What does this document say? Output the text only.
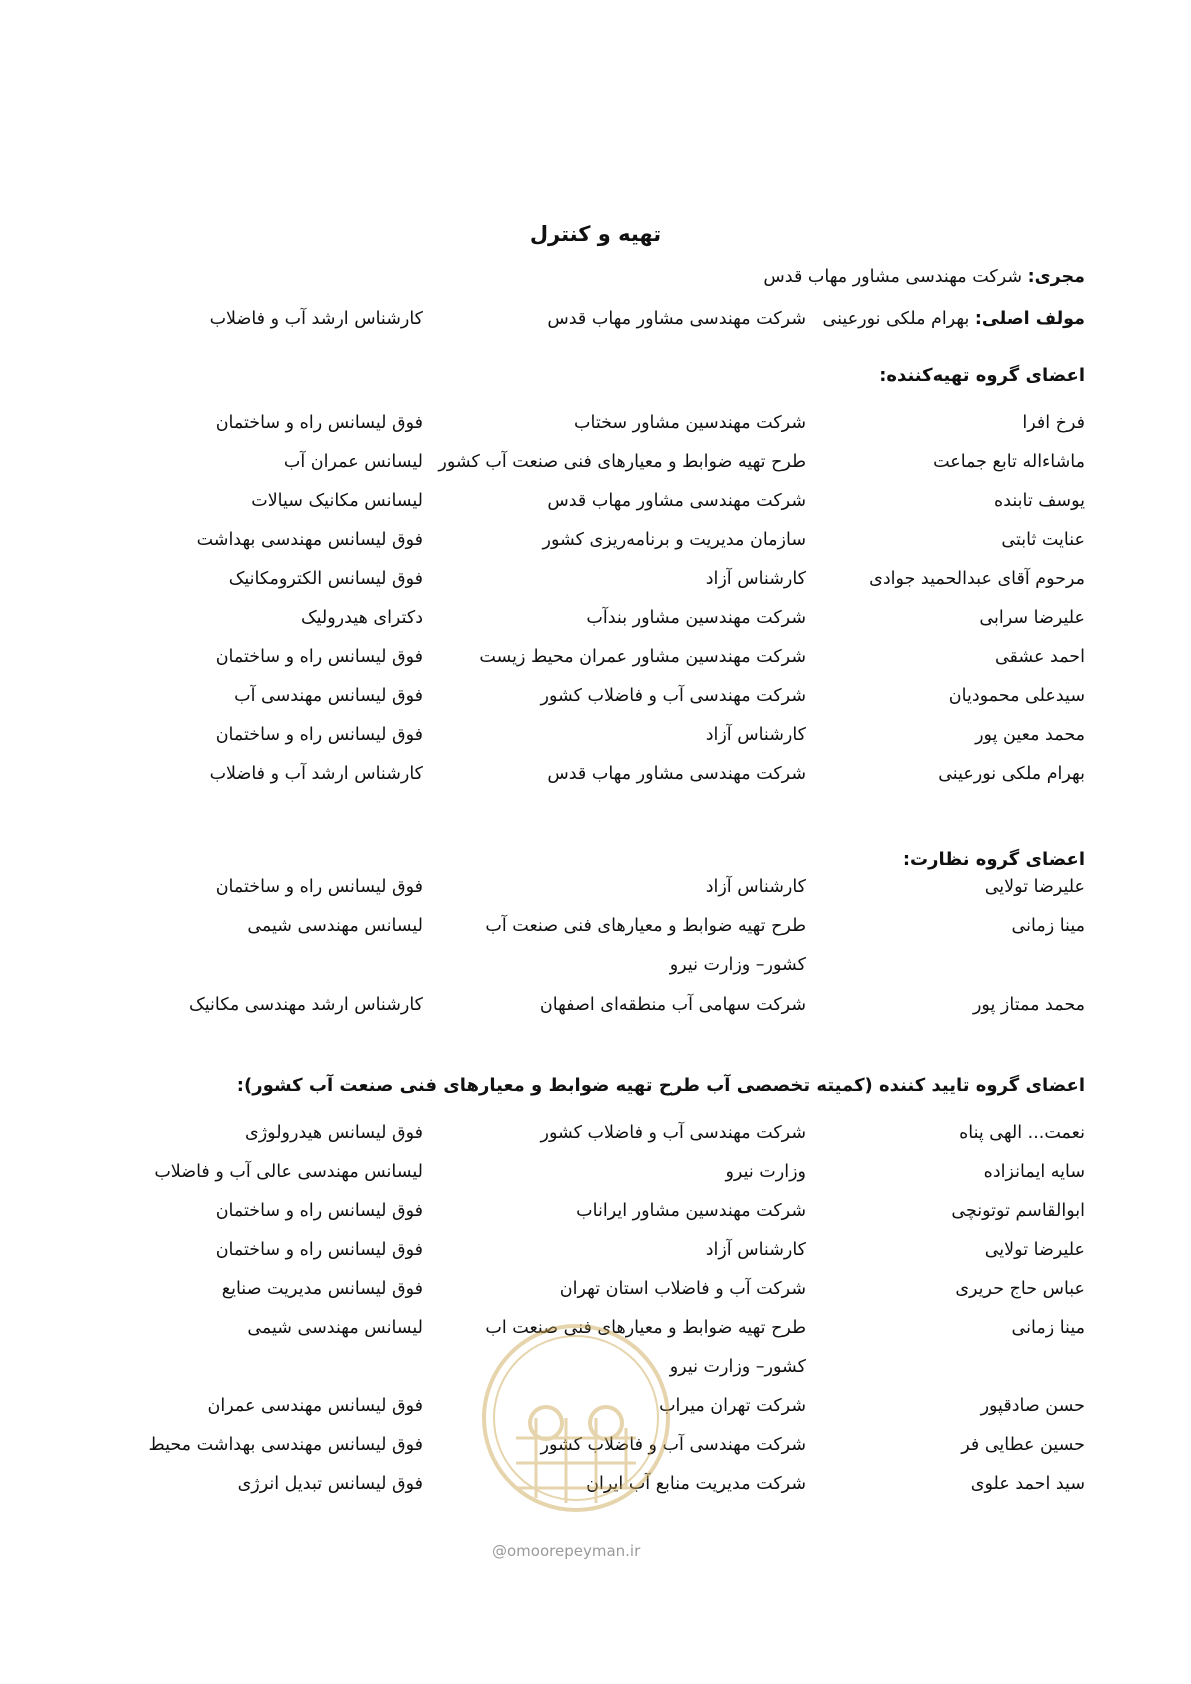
تهیه و کنترل
مجری: شرکت مهندسی مشاور مهاب قدس
مولف اصلی: بهرام ملکی نورعینی
شرکت مهندسی مشاور مهاب قدس
کارشناس ارشد آب و فاضلاب
اعضای گروه تهیه‌کننده:
فرخ افرا
شرکت مهندسین مشاور سختاب
فوق لیسانس راه و ساختمان
ماشاءاله تابع جماعت
طرح تهیه ضوابط و معیارهای فنی صنعت آب کشور
لیسانس عمران آب
یوسف تابنده
شرکت مهندسی مشاور مهاب قدس
لیسانس مکانیک سیالات
عنایت ثابتی
سازمان مدیریت و برنامه‌ریزی کشور
فوق لیسانس مهندسی بهداشت
مرحوم آقای عبدالحمید جوادی
کارشناس آزاد
فوق لیسانس الکترومکانیک
علیرضا سرابی
شرکت مهندسین مشاور بندآب
دکترای هیدرولیک
احمد عشقی
شرکت مهندسین مشاور عمران محیط زیست
فوق لیسانس راه و ساختمان
سیدعلی محمودیان
شرکت مهندسی آب و فاضلاب کشور
فوق لیسانس مهندسی آب
محمد معین پور
کارشناس آزاد
فوق لیسانس راه و ساختمان
بهرام ملکی نورعینی
شرکت مهندسی مشاور مهاب قدس
کارشناس ارشد آب و فاضلاب
اعضای گروه نظارت:
علیرضا تولایی
کارشناس آزاد
فوق لیسانس راه و ساختمان
مینا زمانی
طرح تهیه ضوابط و معیارهای فنی صنعت آب
لیسانس مهندسی شیمی
کشور– وزارت نیرو
محمد ممتاز پور
شرکت سهامی آب منطقه‌ای اصفهان
کارشناس ارشد مهندسی مکانیک
اعضای گروه تایید کننده (کمیته تخصصی آب طرح تهیه ضوابط و معیارهای فنی صنعت آب کشور):
نعمت... الهی پناه
شرکت مهندسی آب و فاضلاب کشور
فوق لیسانس هیدرولوژی
سایه ایمانزاده
وزارت نیرو
لیسانس مهندسی عالی آب و فاضلاب
ابوالقاسم توتونچی
شرکت مهندسین مشاور ایراناب
فوق لیسانس راه و ساختمان
علیرضا تولایی
کارشناس آزاد
فوق لیسانس راه و ساختمان
عباس حاج حریری
شرکت آب و فاضلاب استان تهران
فوق لیسانس مدیریت صنایع
مینا زمانی
طرح تهیه ضوابط و معیارهای فنی صنعت اب
لیسانس مهندسی شیمی
کشور– وزارت نیرو
حسن صادقپور
شرکت تهران میراب
فوق لیسانس مهندسی عمران
حسین عطایی فر
شرکت مهندسی آب و فاضلاب کشور
فوق لیسانس مهندسی بهداشت محیط
سید احمد علوی
شرکت مدیریت منابع آب ایران
فوق لیسانس تبدیل انرژی
@omoorepeyman.ir
